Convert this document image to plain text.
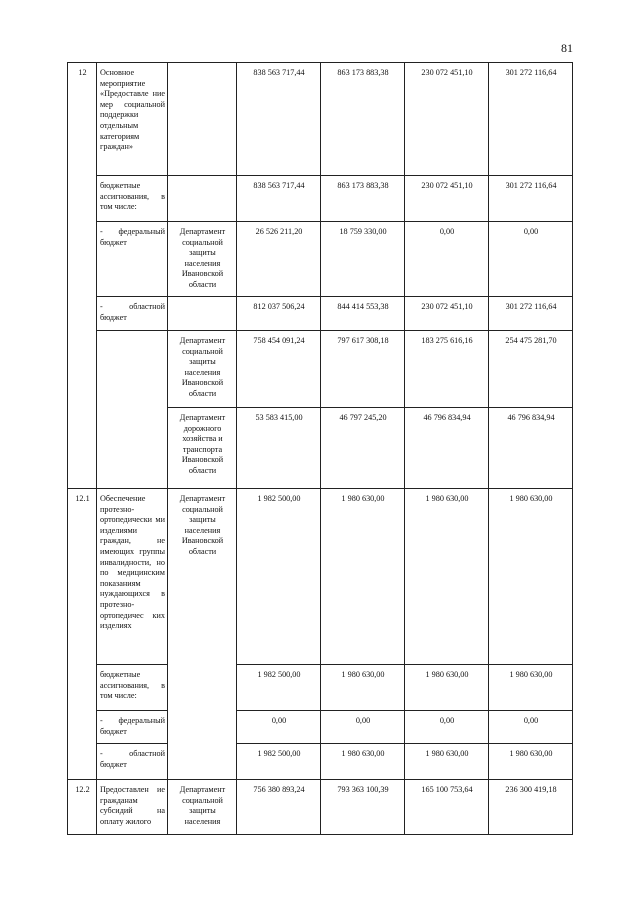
81
12	Основное мероприятие «Предоставле ние мер социальной поддержки отдельным категориям граждан»		838 563 717,44	863 173 883,38	230 072 451,10	301 272 116,64
	бюджетные ассигнования, в том числе:		838 563 717,44	863 173 883,38	230 072 451,10	301 272 116,64
	- федеральный бюджет	Департамент социальной защиты населения Ивановской области	26 526 211,20	18 759 330,00	0,00	0,00
	- областной бюджет		812 037 506,24	844 414 553,38	230 072 451,10	301 272 116,64
		Департамент социальной защиты населения Ивановской области	758 454 091,24	797 617 308,18	183 275 616,16	254 475 281,70
		Департамент дорожного хозяйства и транспорта Ивановской области	53 583 415,00	46 797 245,20	46 796 834,94	46 796 834,94
12.1	Обеспечение протезно-ортопедически ми изделиями граждан, не имеющих группы инвалидности, но по медицинским показаниям нуждающихся в протезно-ортопедичес ких изделиях	Департамент социальной защиты населения Ивановской области	1 982 500,00	1 980 630,00	1 980 630,00	1 980 630,00
	бюджетные ассигнования, в том числе:		1 982 500,00	1 980 630,00	1 980 630,00	1 980 630,00
	- федеральный бюджет		0,00	0,00	0,00	0,00
	- областной бюджет		1 982 500,00	1 980 630,00	1 980 630,00	1 980 630,00
12.2	Предоставлен ие гражданам субсидий на оплату жилого	Департамент социальной защиты населения	756 380 893,24	793 363 100,39	165 100 753,64	236 300 419,18
